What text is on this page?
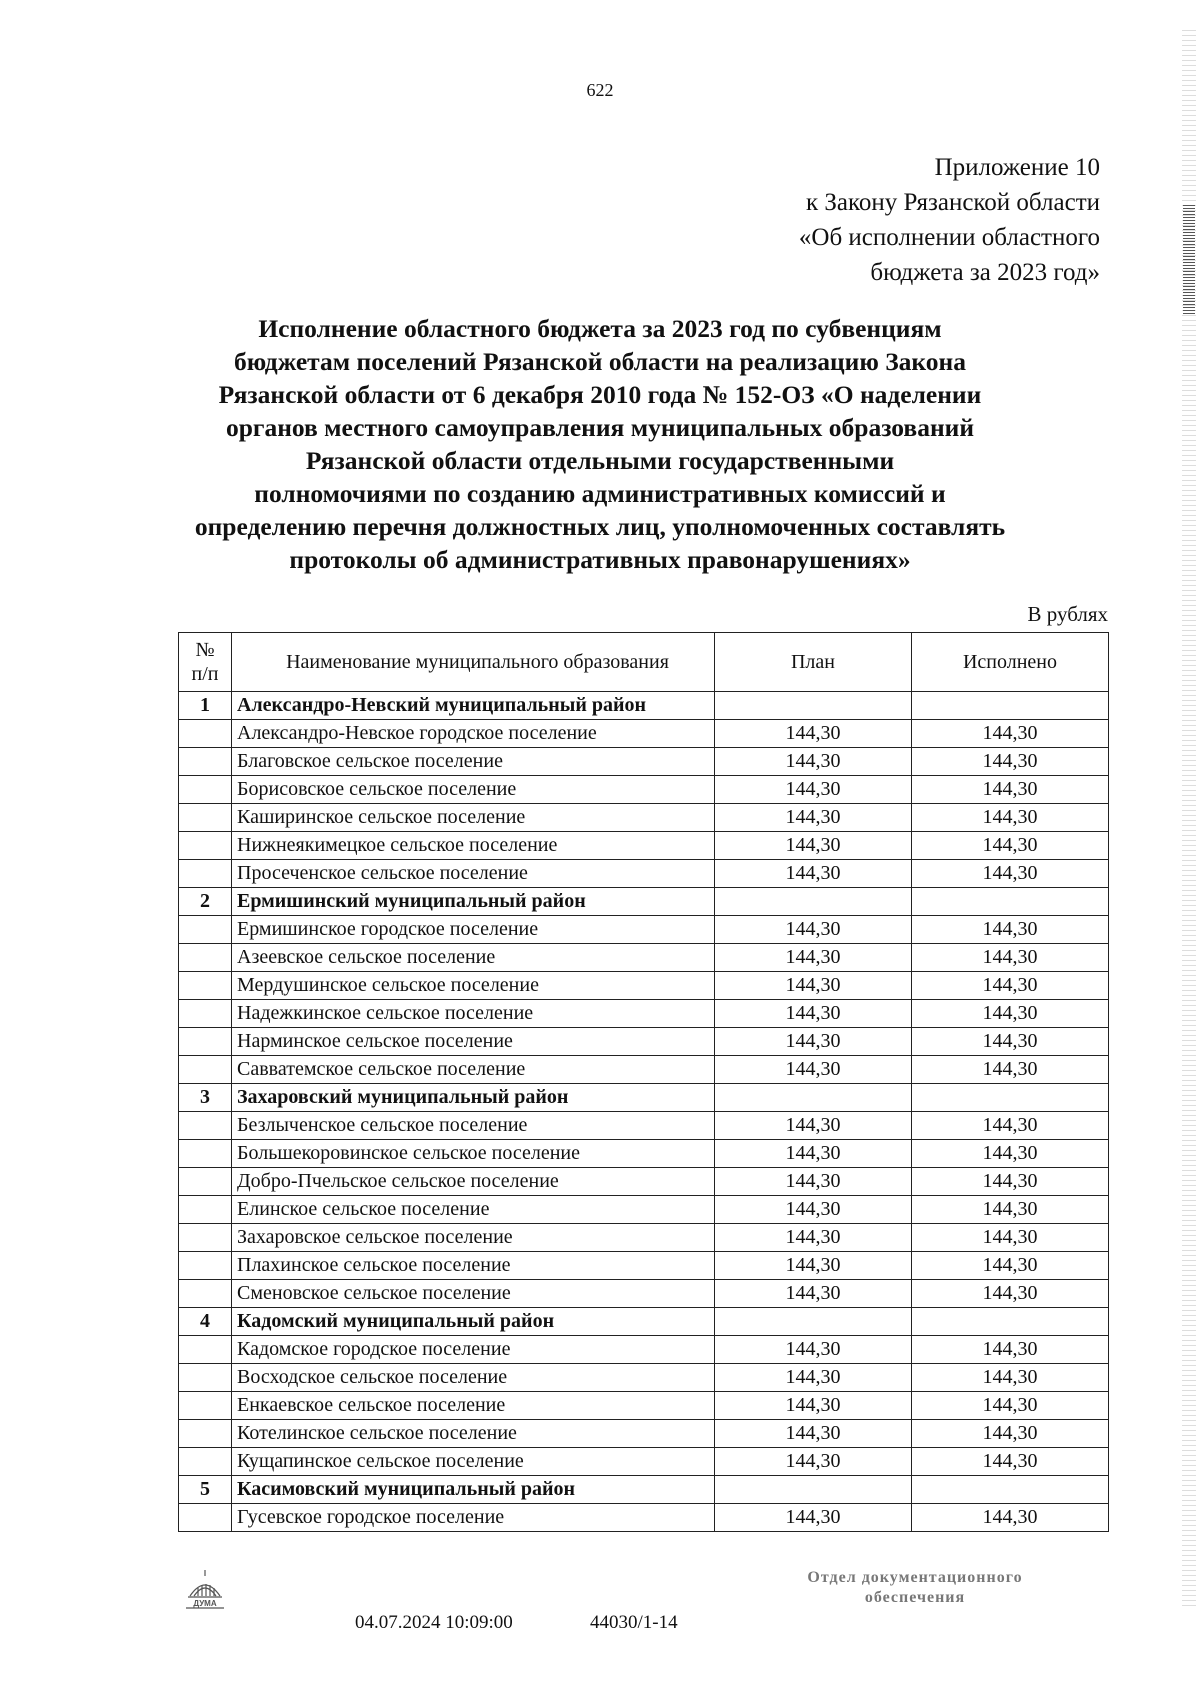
622
Приложение 10
к Закону Рязанской области
«Об исполнении областного
бюджета за 2023 год»
Исполнение областного бюджета за 2023 год по субвенциям
бюджетам поселений Рязанской области на реализацию Закона
Рязанской области от 6 декабря 2010 года № 152-ОЗ «О наделении
органов местного самоуправления муниципальных образований
Рязанской области отдельными государственными
полномочиями по созданию административных комиссий и
определению перечня должностных лиц, уполномоченных составлять
протоколы об административных правонарушениях»
В рублях
№
п/п	Наименование муниципального образования	План	Исполнено
1	Александро-Невский муниципальный район		
	Александро-Невское городское поселение	144,30	144,30
	Благовское сельское поселение	144,30	144,30
	Борисовское сельское поселение	144,30	144,30
	Каширинское сельское поселение	144,30	144,30
	Нижнеякимецкое сельское поселение	144,30	144,30
	Просеченское сельское поселение	144,30	144,30
2	Ермишинский муниципальный район		
	Ермишинское городское поселение	144,30	144,30
	Азеевское сельское поселение	144,30	144,30
	Мердушинское сельское поселение	144,30	144,30
	Надежкинское сельское поселение	144,30	144,30
	Нарминское сельское поселение	144,30	144,30
	Савватемское сельское поселение	144,30	144,30
3	Захаровский муниципальный район		
	Безлыченское сельское поселение	144,30	144,30
	Большекоровинское сельское поселение	144,30	144,30
	Добро-Пчельское сельское поселение	144,30	144,30
	Елинское сельское поселение	144,30	144,30
	Захаровское сельское поселение	144,30	144,30
	Плахинское сельское поселение	144,30	144,30
	Сменовское сельское поселение	144,30	144,30
4	Кадомский муниципальный район		
	Кадомское городское поселение	144,30	144,30
	Восходское сельское поселение	144,30	144,30
	Енкаевское сельское поселение	144,30	144,30
	Котелинское сельское поселение	144,30	144,30
	Кущапинское сельское поселение	144,30	144,30
5	Касимовский муниципальный район		
	Гусевское городское поселение	144,30	144,30
ДУМА
04.07.2024 10:09:00	44030/1-14
Отдел документационного
обеспечения
